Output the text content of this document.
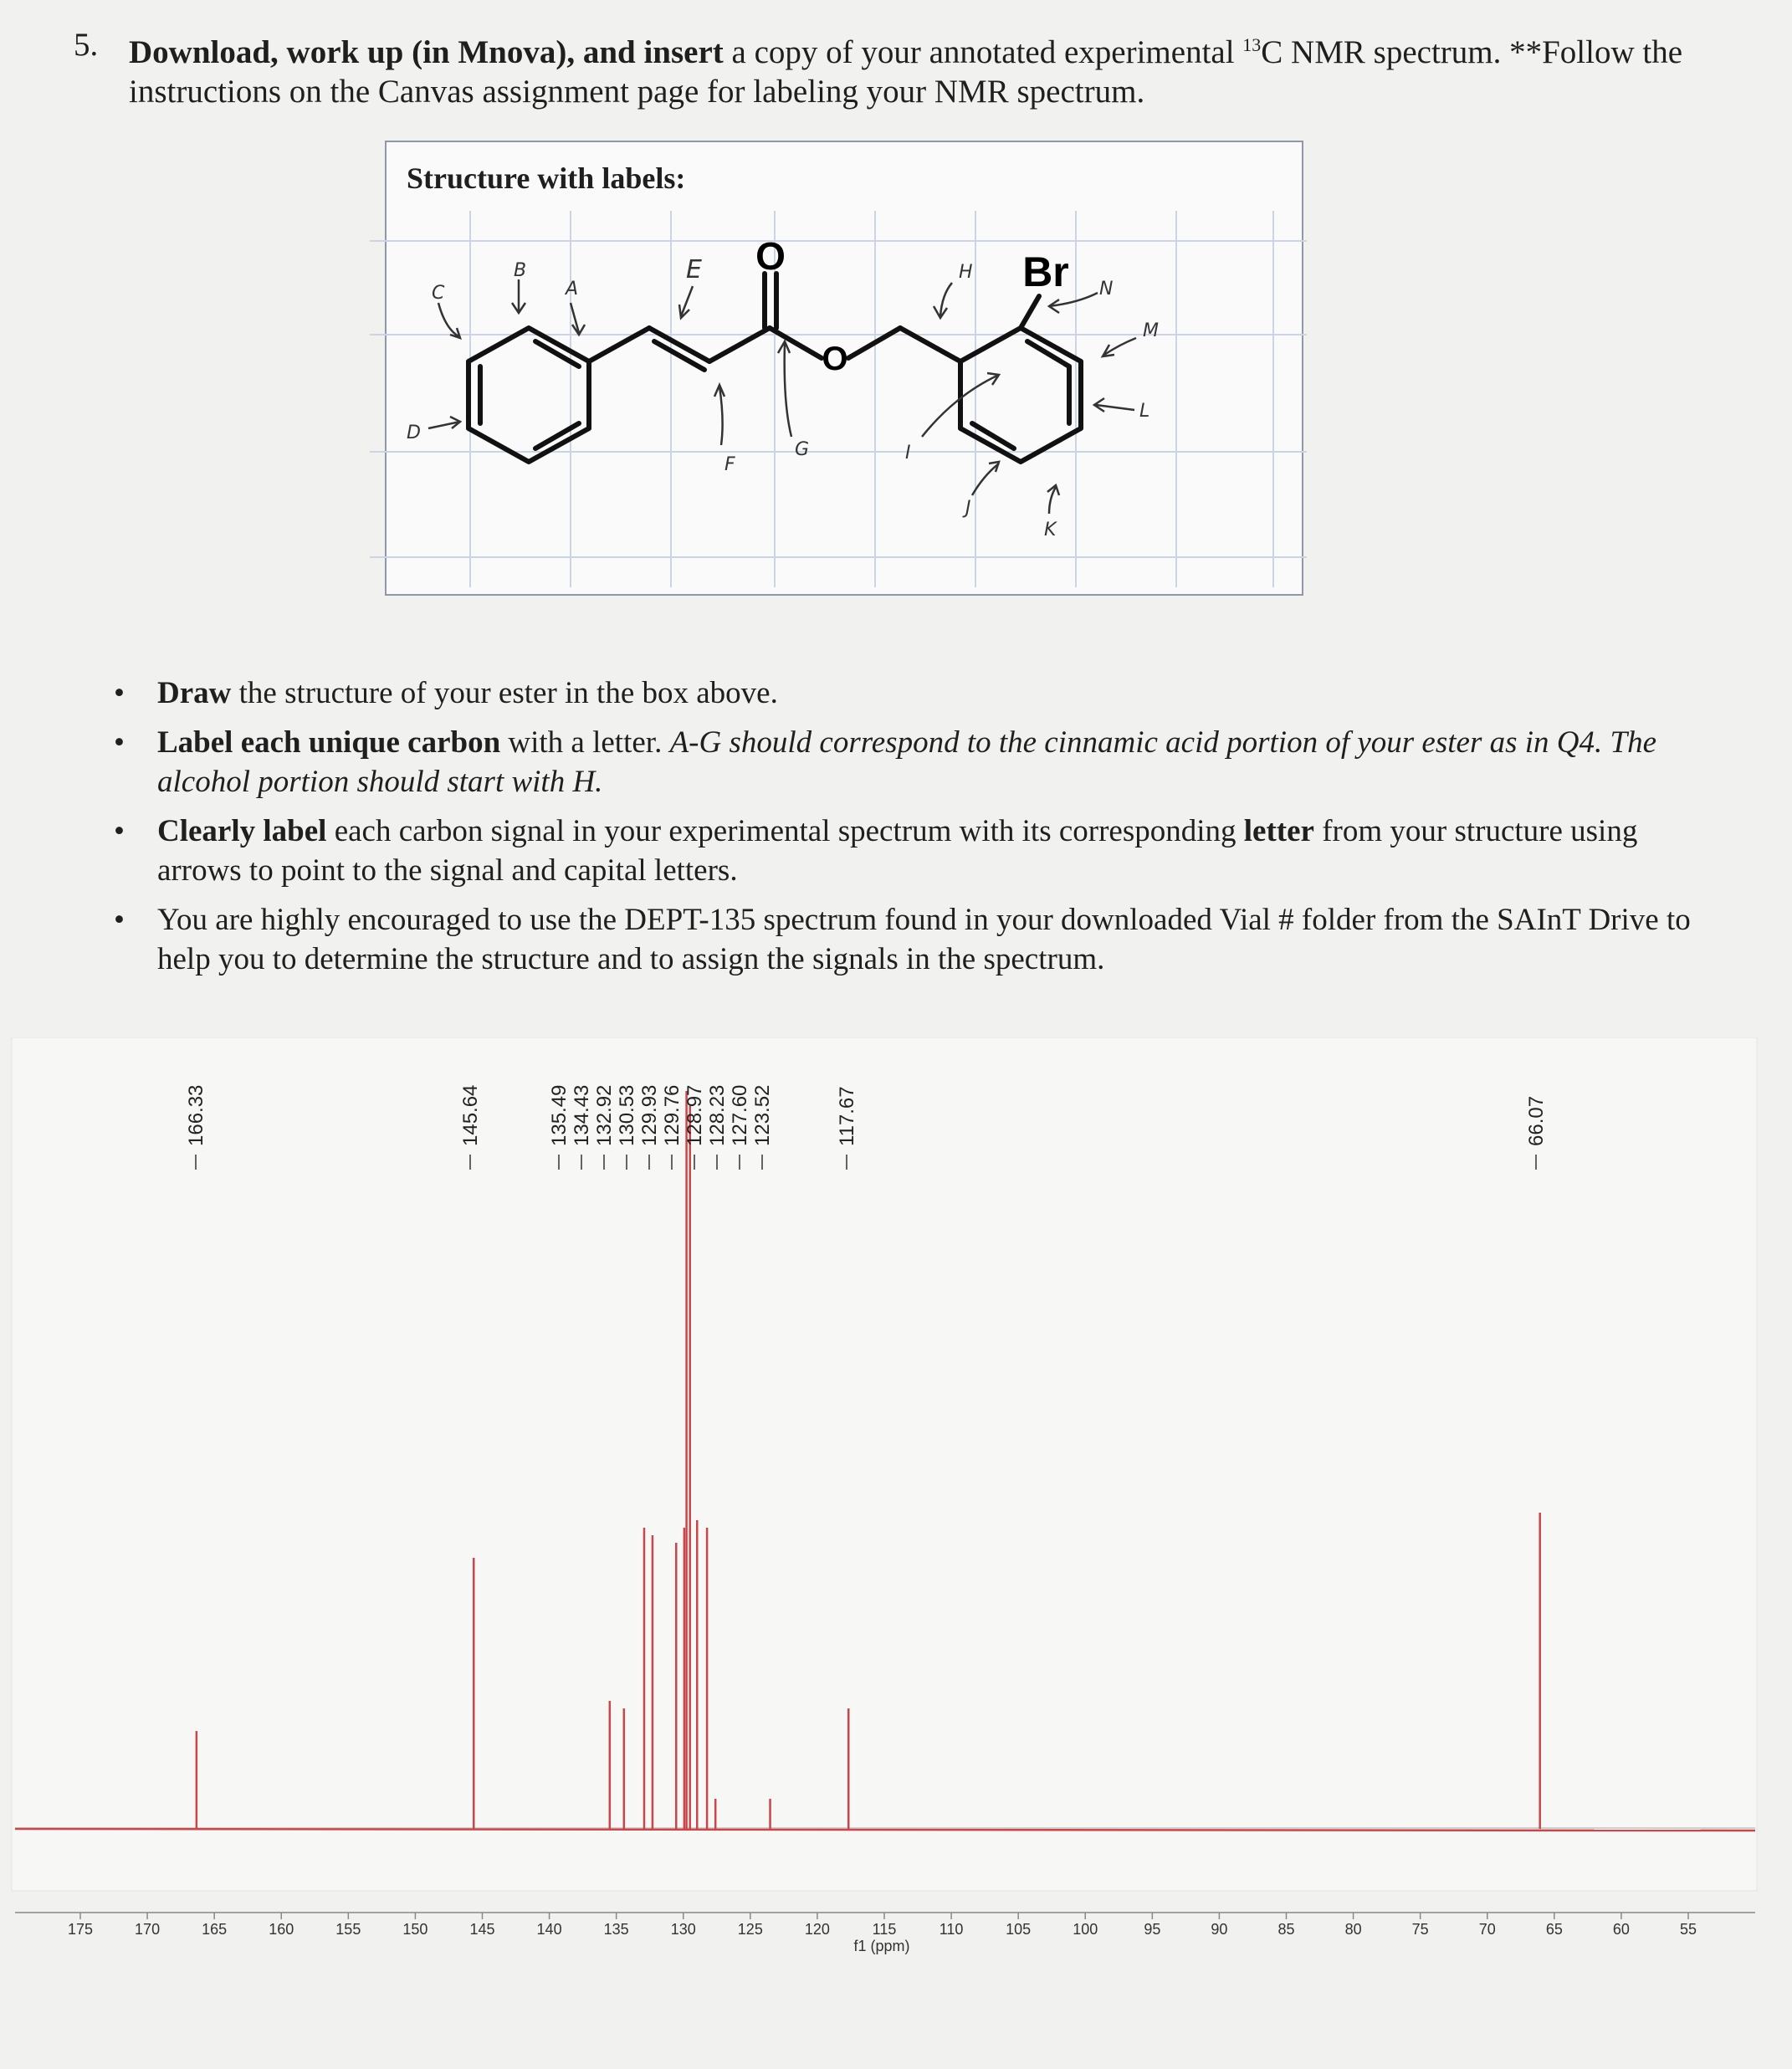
5. Download, work up (in Mnova), and insert a copy of your annotated experimental $^{13}$C NMR spectrum. **Follow the instructions on the Canvas assignment page for labeling your NMR spectrum.
Structure with labels:
O
O
Br
A
B
C
D
E
F
G
H
I
J
K
L
M
N
• Draw the structure of your ester in the box above.
• Label each unique carbon with a letter. A-G should correspond to the cinnamic acid portion of your ester as in Q4. The alcohol portion should start with H.
• Clearly label each carbon signal in your experimental spectrum with its corresponding letter from your structure using arrows to point to the signal and capital letters.
• You are highly encouraged to use the DEPT-135 spectrum found in your downloaded Vial # folder from the SAInT Drive to help you to determine the structure and to assign the signals in the spectrum.
175	170	165	160	155	150	145	140	135	130	125	120	115	110	105	100	95	90	85	80	75	70	65	60	55
166.33	145.64	135.49 134.43 132.92 130.53 129.93 129.76 128.97 128.23 127.60 123.52	117.67	66.07
f1 (ppm)
